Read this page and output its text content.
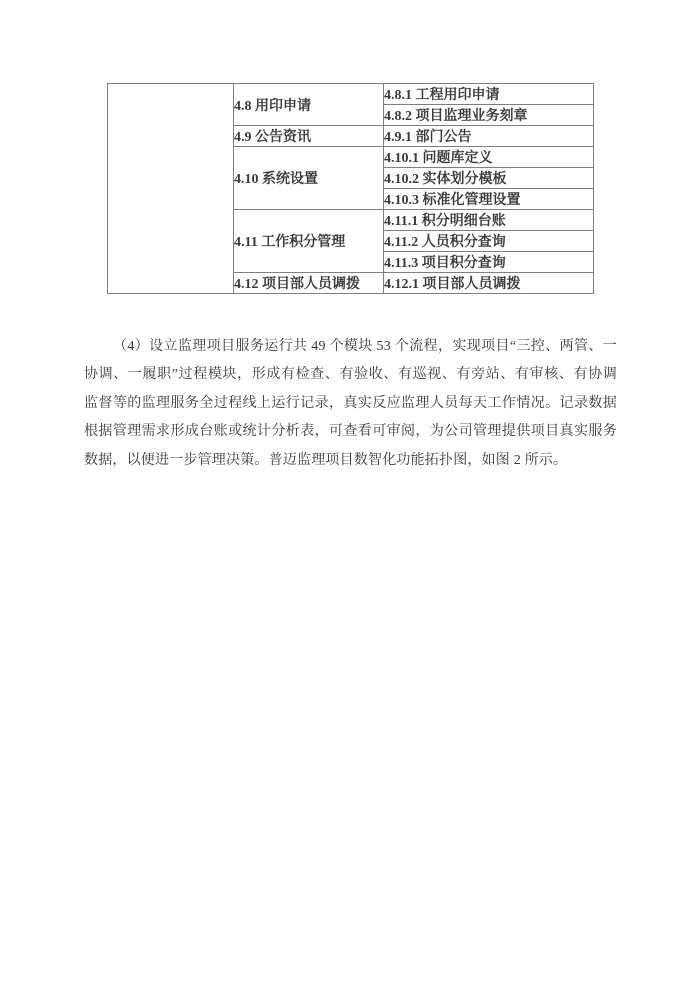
	4.8 用印申请	4.8.1 工程用印申请
		4.8.2 项目监理业务刻章
	4.9 公告资讯	4.9.1 部门公告
	4.10 系统设置	4.10.1 问题库定义
		4.10.2 实体划分模板
		4.10.3 标准化管理设置
	4.11 工作积分管理	4.11.1 积分明细台账
		4.11.2 人员积分查询
		4.11.3 项目积分查询
	4.12 项目部人员调拨	4.12.1 项目部人员调拨
（4）设立监理项目服务运行共 49 个模块 53 个流程，实现项目“三控、两管、一
协调、一履职”过程模块，形成有检查、有验收、有巡视、有旁站、有审核、有协调
监督等的监理服务全过程线上运行记录，真实反应监理人员每天工作情况。记录数据
根据管理需求形成台账或统计分析表，可查看可审阅，为公司管理提供项目真实服务
数据，以便进一步管理决策。普迈监理项目数智化功能拓扑图，如图 2 所示。
